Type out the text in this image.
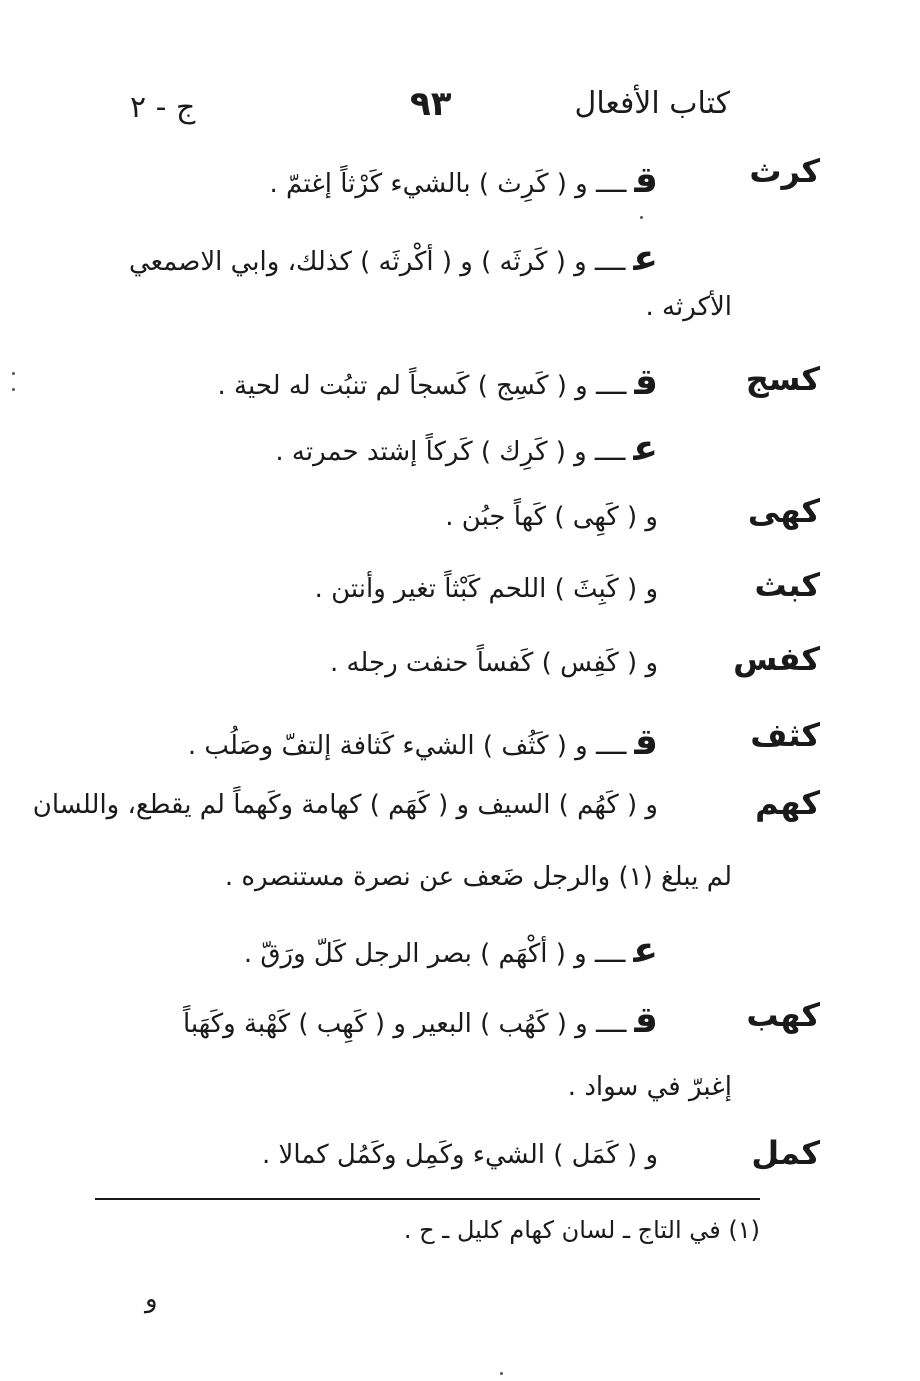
كتاب الأفعال
٩٣
ج - ٢
كرث
قــــ و ( كَرِث ) بالشيء كَرْثاً إغتمّ .
عــــ و ( كَرثَه ) و ( أكْرثَه ) كذلك، وابي الاصمعي
الأكرثه .
كسج
قــــ و ( كَسِج ) كَسجاً لم تنبُت له لحية .
عــــ و ( كَرِك ) كَركاً إشتد حمرته .
كهى
و ( كَهِى ) كَهاً جبُن .
كبث
و ( كَبِثَ ) اللحم كَبْثاً تغير وأنتن .
كفس
و ( كَفِس ) كَفساً حنفت رجله .
كثف
قــــ و ( كَثُف ) الشيء كَثافة إلتفّ وصَلُب .
كهم
و ( كَهُم ) السيف و ( كَهَم ) كهامة وكَهماً لم يقطع، واللسان
لم يبلغ (١) والرجل ضَعف عن نصرة مستنصره .
عــــ و ( أكْهَم ) بصر الرجل كَلّ ورَقّ .
كهب
قــــ و ( كَهُب ) البعير و ( كَهِب ) كَهْبة وكَهَباً
إغبرّ في سواد .
كمل
و ( كَمَل ) الشيء وكَمِل وكَمُل كمالا .
(١) في التاج ـ لسان كهام كليل ـ ح .
و
